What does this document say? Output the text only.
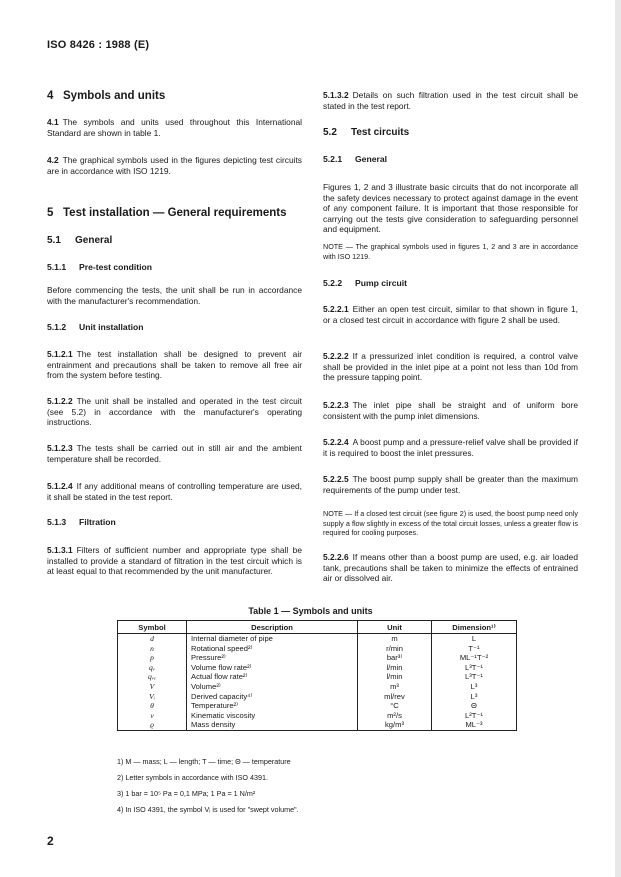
ISO 8426 : 1988 (E)
4 Symbols and units
4.1 The symbols and units used throughout this International Standard are shown in table 1.
4.2 The graphical symbols used in the figures depicting test circuits are in accordance with ISO 1219.
5 Test installation — General requirements
5.1 General
5.1.1 Pre-test condition
Before commencing the tests, the unit shall be run in accordance with the manufacturer's recommendation.
5.1.2 Unit installation
5.1.2.1 The test installation shall be designed to prevent air entrainment and precautions shall be taken to remove all free air from the system before testing.
5.1.2.2 The unit shall be installed and operated in the test circuit (see 5.2) in accordance with the manufacturer's operating instructions.
5.1.2.3 The tests shall be carried out in still air and the ambient temperature shall be recorded.
5.1.2.4 If any additional means of controlling temperature are used, it shall be stated in the test report.
5.1.3 Filtration
5.1.3.1 Filters of sufficient number and appropriate type shall be installed to provide a standard of filtration in the test circuit which is at least equal to that recommended by the unit manufacturer.
5.1.3.2 Details on such filtration used in the test circuit shall be stated in the test report.
5.2 Test circuits
5.2.1 General
Figures 1, 2 and 3 illustrate basic circuits that do not incorporate all the safety devices necessary to protect against damage in the event of any component failure. It is important that those responsible for carrying out the tests give consideration to safeguarding personnel and equipment.
NOTE — The graphical symbols used in figures 1, 2 and 3 are in accordance with ISO 1219.
5.2.2 Pump circuit
5.2.2.1 Either an open test circuit, similar to that shown in figure 1, or a closed test circuit in accordance with figure 2 shall be used.
5.2.2.2 If a pressurized inlet condition is required, a control valve shall be provided in the inlet pipe at a point not less than 10d from the pressure tapping point.
5.2.2.3 The inlet pipe shall be straight and of uniform bore consistent with the pump inlet dimensions.
5.2.2.4 A boost pump and a pressure-relief valve shall be provided if it is required to boost the inlet pressures.
5.2.2.5 The boost pump supply shall be greater than the maximum requirements of the pump under test.
NOTE — If a closed test circuit (see figure 2) is used, the boost pump need only supply a flow slightly in excess of the total circuit losses, unless a greater flow is required for cooling purposes.
5.2.2.6 If means other than a boost pump are used, e.g. air loaded tank, precautions shall be taken to minimize the effects of entrained air or dissolved air.
Table 1 — Symbols and units
Symbol	Description	Unit	Dimension¹⁾
d	Internal diameter of pipe	m	L
n	Rotational speed²⁾	r/min	T⁻¹
p	Pressure²⁾	bar³⁾	ML⁻¹T⁻²
qᵥ	Volume flow rate²⁾	l/min	L³T⁻¹
qᵥₑ	Actual flow rate²⁾	l/min	L³T⁻¹
V	Volume²⁾	m³	L³
Vᵢ	Derived capacity⁴⁾	ml/rev	L³
θ	Temperature²⁾	°C	Θ
ν	Kinematic viscosity	m²/s	L²T⁻¹
ϱ	Mass density	kg/m³	ML⁻³
1) M — mass; L — length; T — time; Θ — temperature
2) Letter symbols in accordance with ISO 4391.
3) 1 bar = 10⁵ Pa = 0,1 MPa; 1 Pa = 1 N/m²
4) In ISO 4391, the symbol Vᵢ is used for "swept volume".
2
